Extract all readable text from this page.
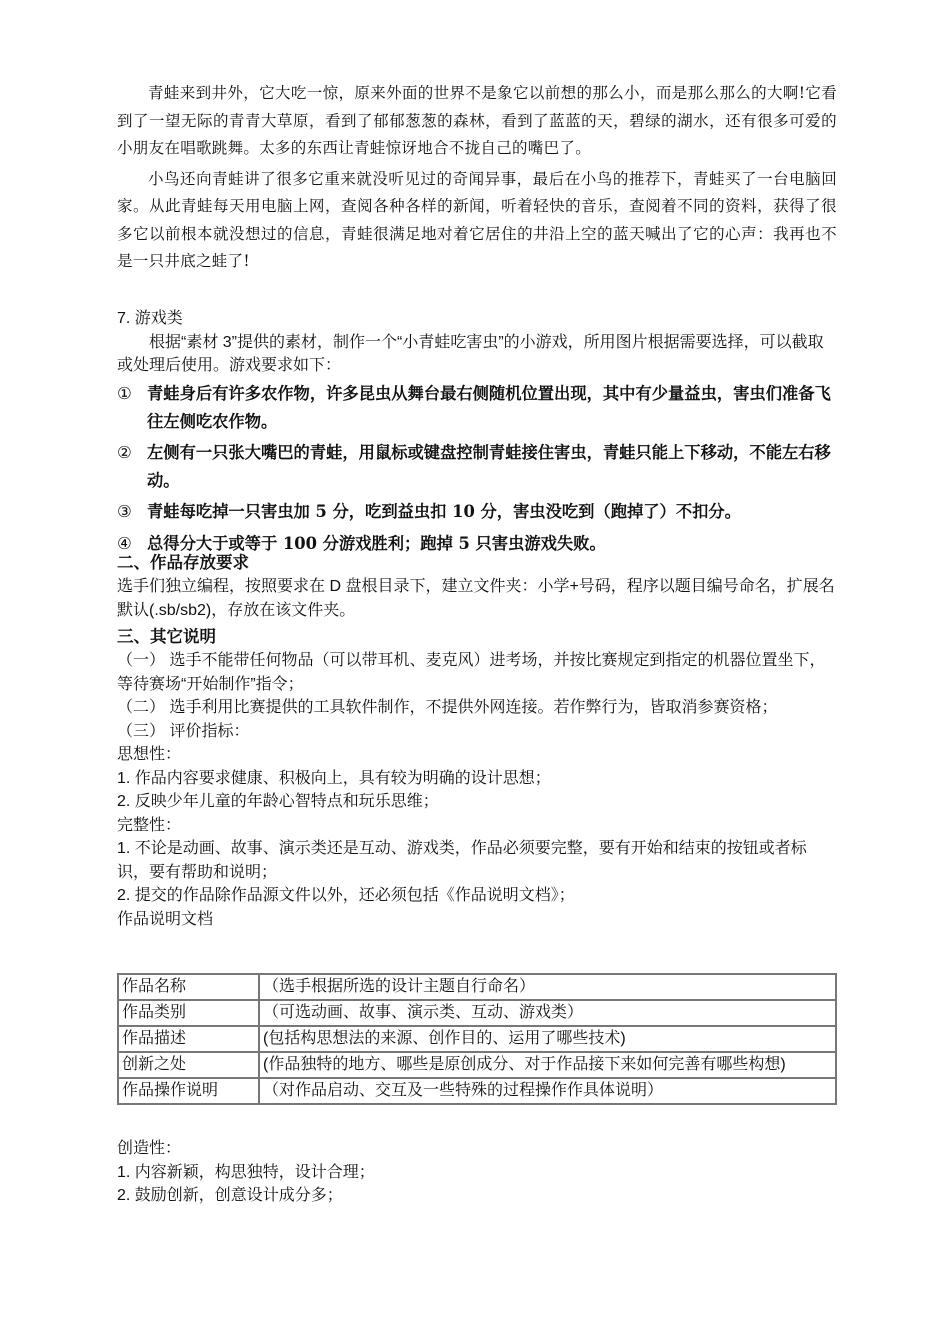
青蛙来到井外，它大吃一惊，原来外面的世界不是象它以前想的那么小，而是那么那么的大啊!它看到了一望无际的青青大草原，看到了郁郁葱葱的森林，看到了蓝蓝的天，碧绿的湖水，还有很多可爱的小朋友在唱歌跳舞。太多的东西让青蛙惊讶地合不拢自己的嘴巴了。

小鸟还向青蛙讲了很多它重来就没听见过的奇闻异事，最后在小鸟的推荐下，青蛙买了一台电脑回家。从此青蛙每天用电脑上网，查阅各种各样的新闻，听着轻快的音乐，查阅着不同的资料，获得了很多它以前根本就没想过的信息，青蛙很满足地对着它居住的井沿上空的蓝天喊出了它的心声：我再也不是一只井底之蛙了!

7. 游戏类

根据“素材 3”提供的素材，制作一个“小青蛙吃害虫”的小游戏，所用图片根据需要选择，可以截取或处理后使用。游戏要求如下：

① 青蛙身后有许多农作物，许多昆虫从舞台最右侧随机位置出现，其中有少量益虫，害虫们准备飞往左侧吃农作物。
② 左侧有一只张大嘴巴的青蛙，用鼠标或键盘控制青蛙接住害虫，青蛙只能上下移动，不能左右移动。
③ 青蛙每吃掉一只害虫加 5 分，吃到益虫扣 10 分，害虫没吃到（跑掉了）不扣分。
④ 总得分大于或等于 100 分游戏胜利；跑掉 5 只害虫游戏失败。

二、作品存放要求

选手们独立编程，按照要求在 D 盘根目录下，建立文件夹：小学+号码，程序以题目编号命名，扩展名默认(.sb/sb2)，存放在该文件夹。

三、其它说明

（一） 选手不能带任何物品（可以带耳机、麦克风）进考场，并按比赛规定到指定的机器位置坐下，等待赛场“开始制作”指令；

（二） 选手利用比赛提供的工具软件制作，不提供外网连接。若作弊行为，皆取消参赛资格；

（三） 评价指标：

思想性：

1. 作品内容要求健康、积极向上，具有较为明确的设计思想；

2. 反映少年儿童的年龄心智特点和玩乐思维；

完整性：

1. 不论是动画、故事、演示类还是互动、游戏类，作品必须要完整，要有开始和结束的按钮或者标识，要有帮助和说明；

2. 提交的作品除作品源文件以外，还必须包括《作品说明文档》；

作品说明文档

作品名称	（选手根据所选的设计主题自行命名）
作品类别	（可选动画、故事、演示类、互动、游戏类）
作品描述	(包括构思想法的来源、创作目的、运用了哪些技术)
创新之处	(作品独特的地方、哪些是原创成分、对于作品接下来如何完善有哪些构想)
作品操作说明	（对作品启动、交互及一些特殊的过程操作作具体说明）

创造性：

1. 内容新颖，构思独特，设计合理；

2. 鼓励创新，创意设计成分多；
